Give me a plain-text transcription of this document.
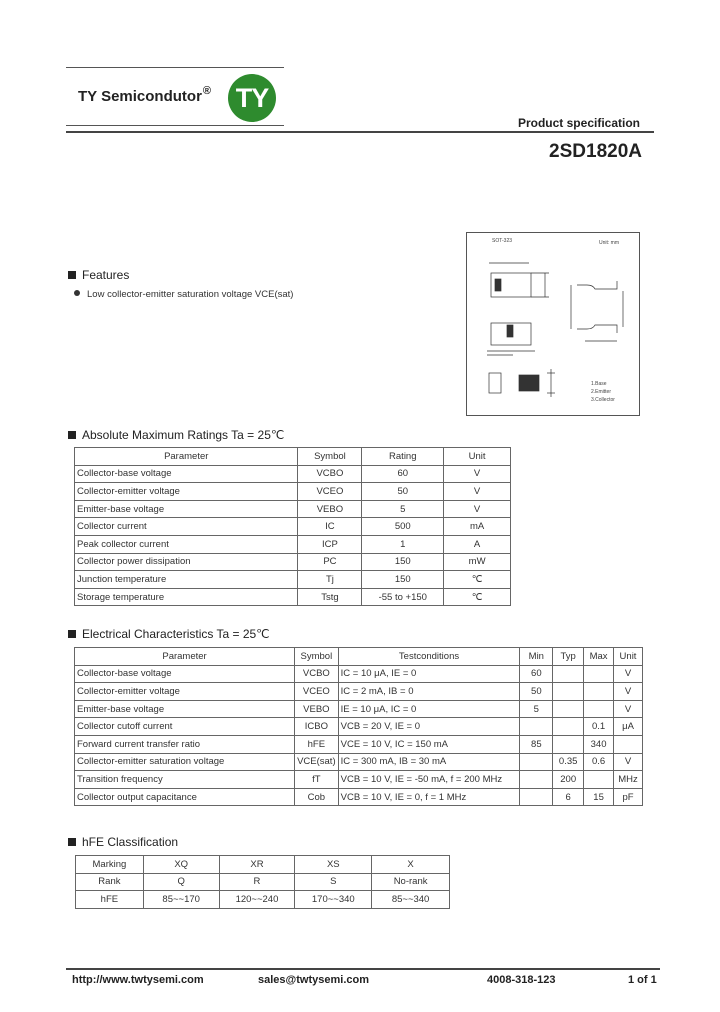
TY Semicondutor® TY
Product specification
2SD1820A
SOT-323	Unit: mm
1.Base
2.Emitter
3.Collector
Features
Low collector-emitter saturation voltage VCE(sat)
Absolute Maximum Ratings Ta = 25℃
Parameter	Symbol	Rating	Unit
Collector-base voltage	VCBO	60	V
Collector-emitter voltage	VCEO	50	V
Emitter-base voltage	VEBO	5	V
Collector current	IC	500	mA
Peak collector current	ICP	1	A
Collector power dissipation	PC	150	mW
Junction temperature	Tj	150	℃
Storage temperature	Tstg	-55 to +150	℃
Electrical Characteristics Ta = 25℃
Parameter	Symbol	Testconditions	Min	Typ	Max	Unit
Collector-base voltage	VCBO	IC = 10 μA, IE = 0	60			V
Collector-emitter voltage	VCEO	IC = 2 mA, IB = 0	50			V
Emitter-base voltage	VEBO	IE = 10 μA, IC = 0	5			V
Collector cutoff current	ICBO	VCB = 20 V, IE = 0			0.1	μA
Forward current transfer ratio	hFE	VCE = 10 V, IC = 150 mA	85		340	
Collector-emitter saturation voltage	VCE(sat)	IC = 300 mA, IB = 30 mA		0.35	0.6	V
Transition frequency	fT	VCB = 10 V, IE = -50 mA, f = 200 MHz		200		MHz
Collector output capacitance	Cob	VCB = 10 V, IE = 0, f = 1 MHz		6	15	pF
hFE Classification
Marking	XQ	XR	XS	X
Rank	Q	R	S	No-rank
hFE	85~~170	120~~240	170~~340	85~~340
http://www.twtysemi.com	sales@twtysemi.com	4008-318-123	1 of 1
